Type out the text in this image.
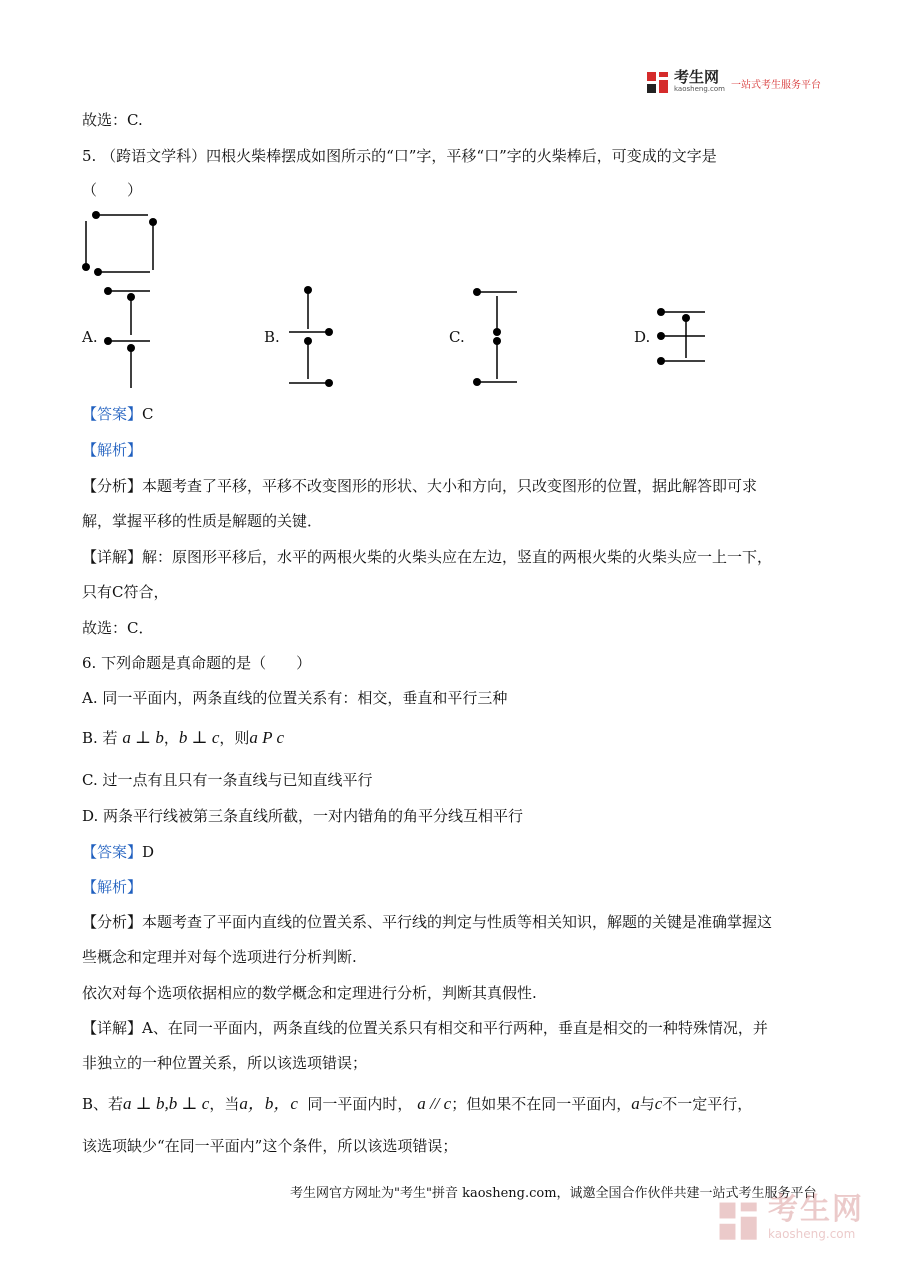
考生网
kaosheng.com 一站式考生服务平台
故选：C.
5. （跨语文学科）四根火柴棒摆成如图所示的“口”字，平移“口”字的火柴棒后，可变成的文字是
（　　）
A.	B.	C.	D.
【答案】C
【解析】
【分析】本题考查了平移，平移不改变图形的形状、大小和方向，只改变图形的位置，据此解答即可求
解，掌握平移的性质是解题的关键．
【详解】解：原图形平移后，水平的两根火柴的火柴头应在左边，竖直的两根火柴的火柴头应一上一下，
只有C符合，
故选：C．
6. 下列命题是真命题的是（　　）
A. 同一平面内，两条直线的位置关系有：相交，垂直和平行三种
B. 若 a ⊥ b，b ⊥ c，则a P c
C. 过一点有且只有一条直线与已知直线平行
D. 两条平行线被第三条直线所截，一对内错角的角平分线互相平行
【答案】D
【解析】
【分析】本题考查了平面内直线的位置关系、平行线的判定与性质等相关知识，解题的关键是准确掌握这
些概念和定理并对每个选项进行分析判断.
依次对每个选项依据相应的数学概念和定理进行分析，判断其真假性.
【详解】A、在同一平面内，两条直线的位置关系只有相交和平行两种，垂直是相交的一种特殊情况，并
非独立的一种位置关系，所以该选项错误；
B、若a ⊥ b,b ⊥ c，当a，b，c 同一平面内时， a // c；但如果不在同一平面内，a与c不一定平行，
该选项缺少“在同一平面内”这个条件，所以该选项错误；
考生网官方网址为"考生"拼音 kaosheng.com，诚邀全国合作伙伴共建一站式考生服务平台
考生网
kaosheng.com
